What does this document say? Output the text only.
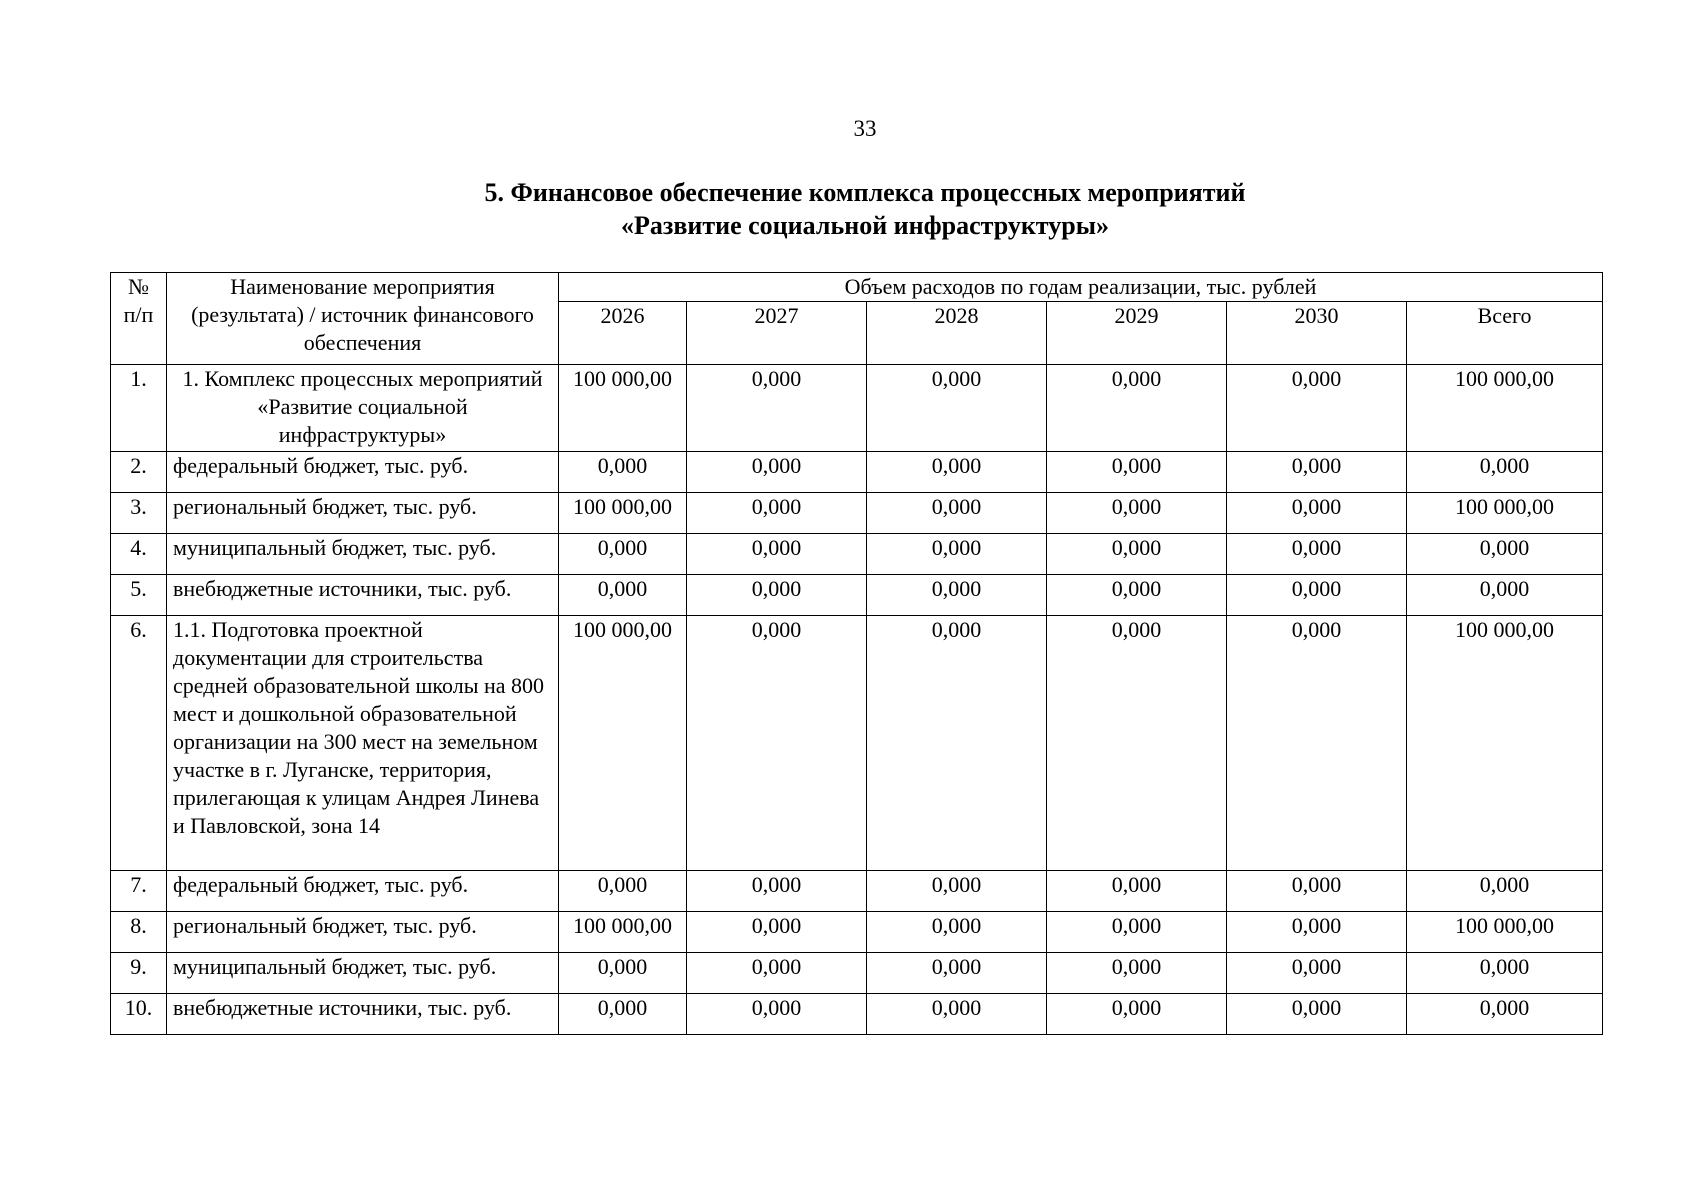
33
5. Финансовое обеспечение комплекса процессных мероприятий
«Развитие социальной инфраструктуры»
№ п/п	Наименование мероприятия (результата) / источник финансового обеспечения	Объем расходов по годам реализации, тыс. рублей					
		2026	2027	2028	2029	2030	Всего
1.	1. Комплекс процессных мероприятий «Развитие социальной инфраструктуры»	100 000,00	0,000	0,000	0,000	0,000	100 000,00
2.	федеральный бюджет, тыс. руб.	0,000	0,000	0,000	0,000	0,000	0,000
3.	региональный бюджет, тыс. руб.	100 000,00	0,000	0,000	0,000	0,000	100 000,00
4.	муниципальный бюджет, тыс. руб.	0,000	0,000	0,000	0,000	0,000	0,000
5.	внебюджетные источники, тыс. руб.	0,000	0,000	0,000	0,000	0,000	0,000
6.	1.1. Подготовка проектной документации для строительства средней образовательной школы на 800 мест и дошкольной образовательной организации на 300 мест на земельном участке в г. Луганске, территория, прилегающая к улицам Андрея Линева и Павловской, зона 14	100 000,00	0,000	0,000	0,000	0,000	100 000,00
7.	федеральный бюджет, тыс. руб.	0,000	0,000	0,000	0,000	0,000	0,000
8.	региональный бюджет, тыс. руб.	100 000,00	0,000	0,000	0,000	0,000	100 000,00
9.	муниципальный бюджет, тыс. руб.	0,000	0,000	0,000	0,000	0,000	0,000
10.	внебюджетные источники, тыс. руб.	0,000	0,000	0,000	0,000	0,000	0,000
